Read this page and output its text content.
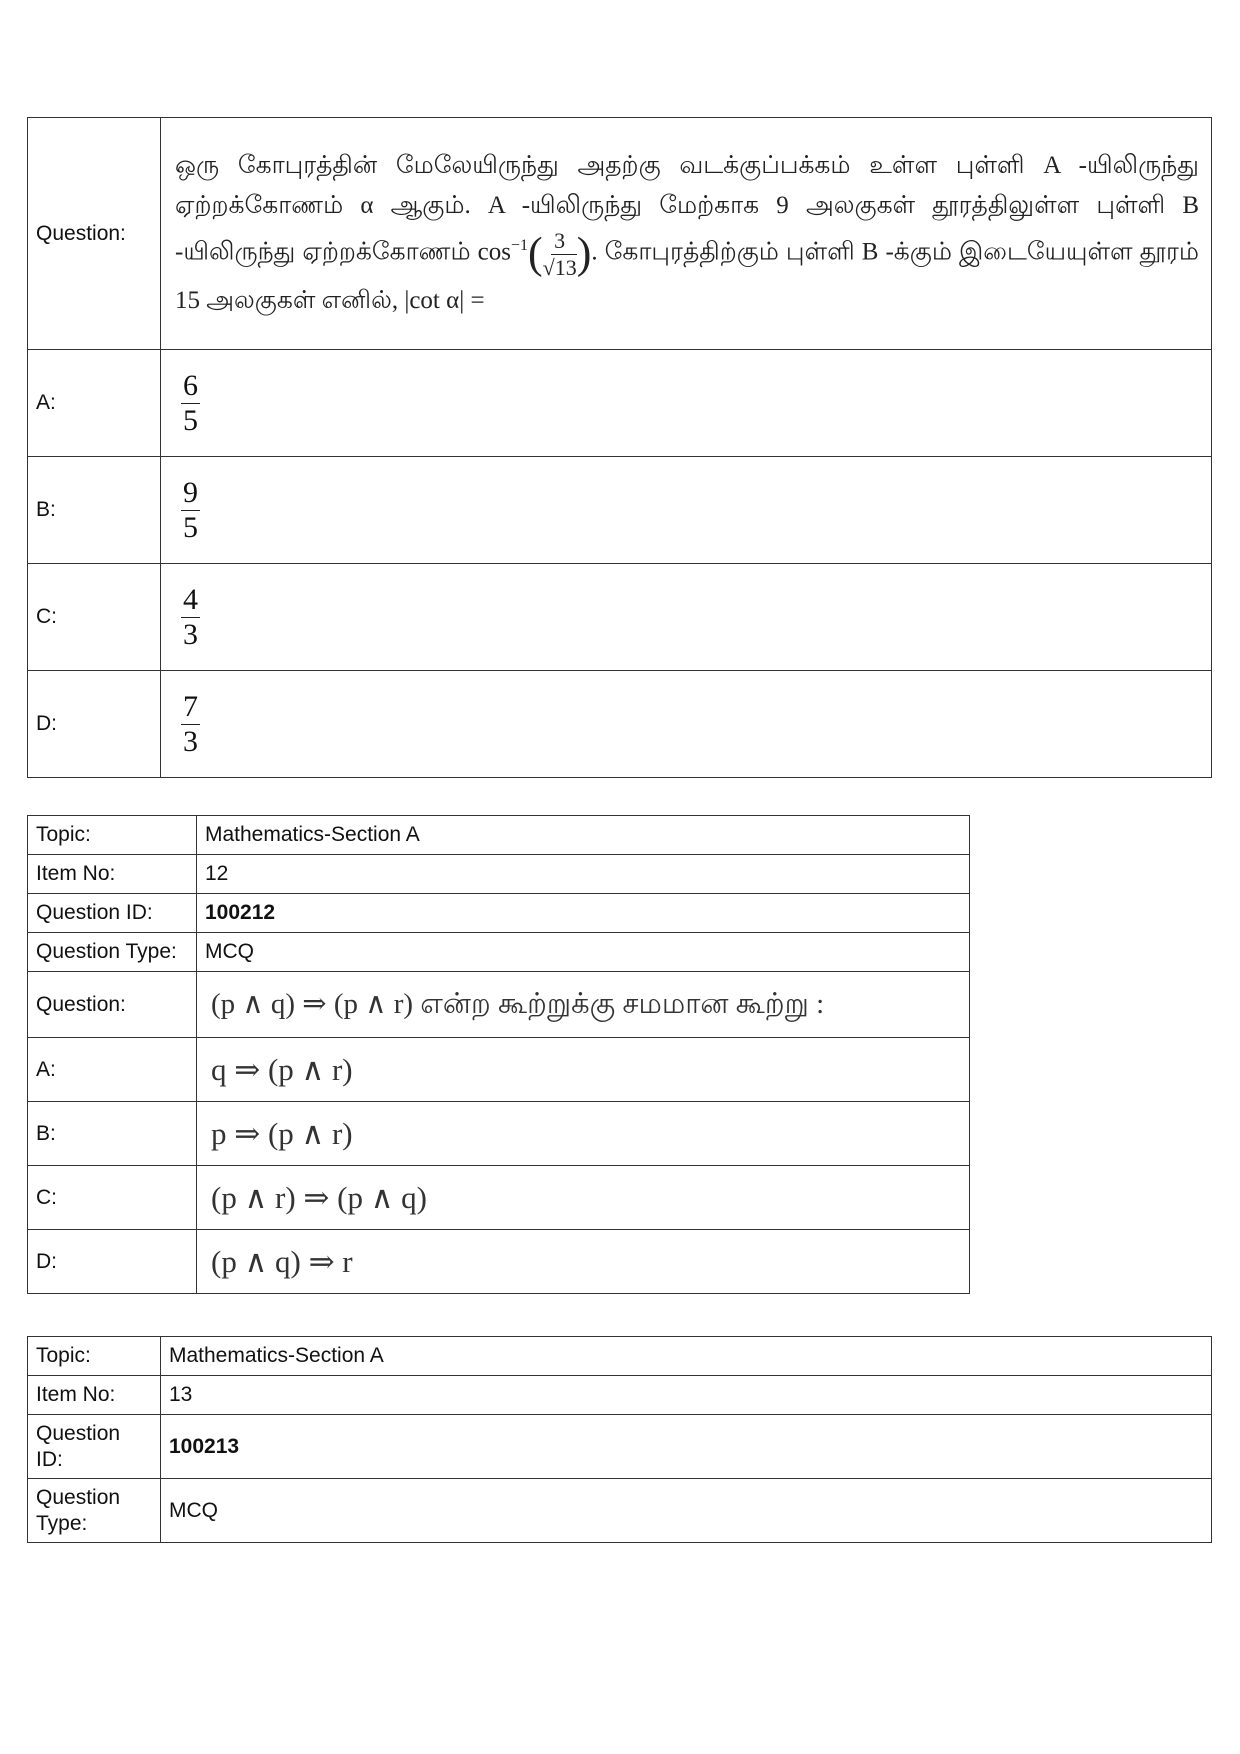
Question:	ஒரு கோபுரத்தின் மேலேயிருந்து அதற்கு வடக்குப்பக்கம் உள்ள புள்ளி A -யிலிருந்து ஏற்றக்கோணம் α ஆகும். A -யிலிருந்து மேற்காக 9 அலகுகள் தூரத்திலுள்ள புள்ளி B -யிலிருந்து ஏற்றக்கோணம் $\cos^{-1}( \frac{3}{√13}$ ). கோபுரத்திற்கும் புள்ளி B -க்கும் இடையேயுள்ள தூரம் 15 அலகுகள் எனில், |cot α| =
A:	$\frac{6}{5}$

B:	$\frac{9}{5}$

C:	$\frac{4}{3}$

D:	$\frac{7}{3}$
Topic:	Mathematics-Section A
Item No:	12
Question ID:	100212
Question Type:	MCQ
Question:	(p ∧ q) ⇒ (p ∧ r) என்ற கூற்றுக்கு சமமான கூற்று :
A:	q ⇒ (p ∧ r)
B:	p ⇒ (p ∧ r)
C:	(p ∧ r) ⇒ (p ∧ q)
D:	(p ∧ q) ⇒ r
Topic:	Mathematics-Section A
Item No:	13
Question ID:	100213
Question Type:	MCQ
